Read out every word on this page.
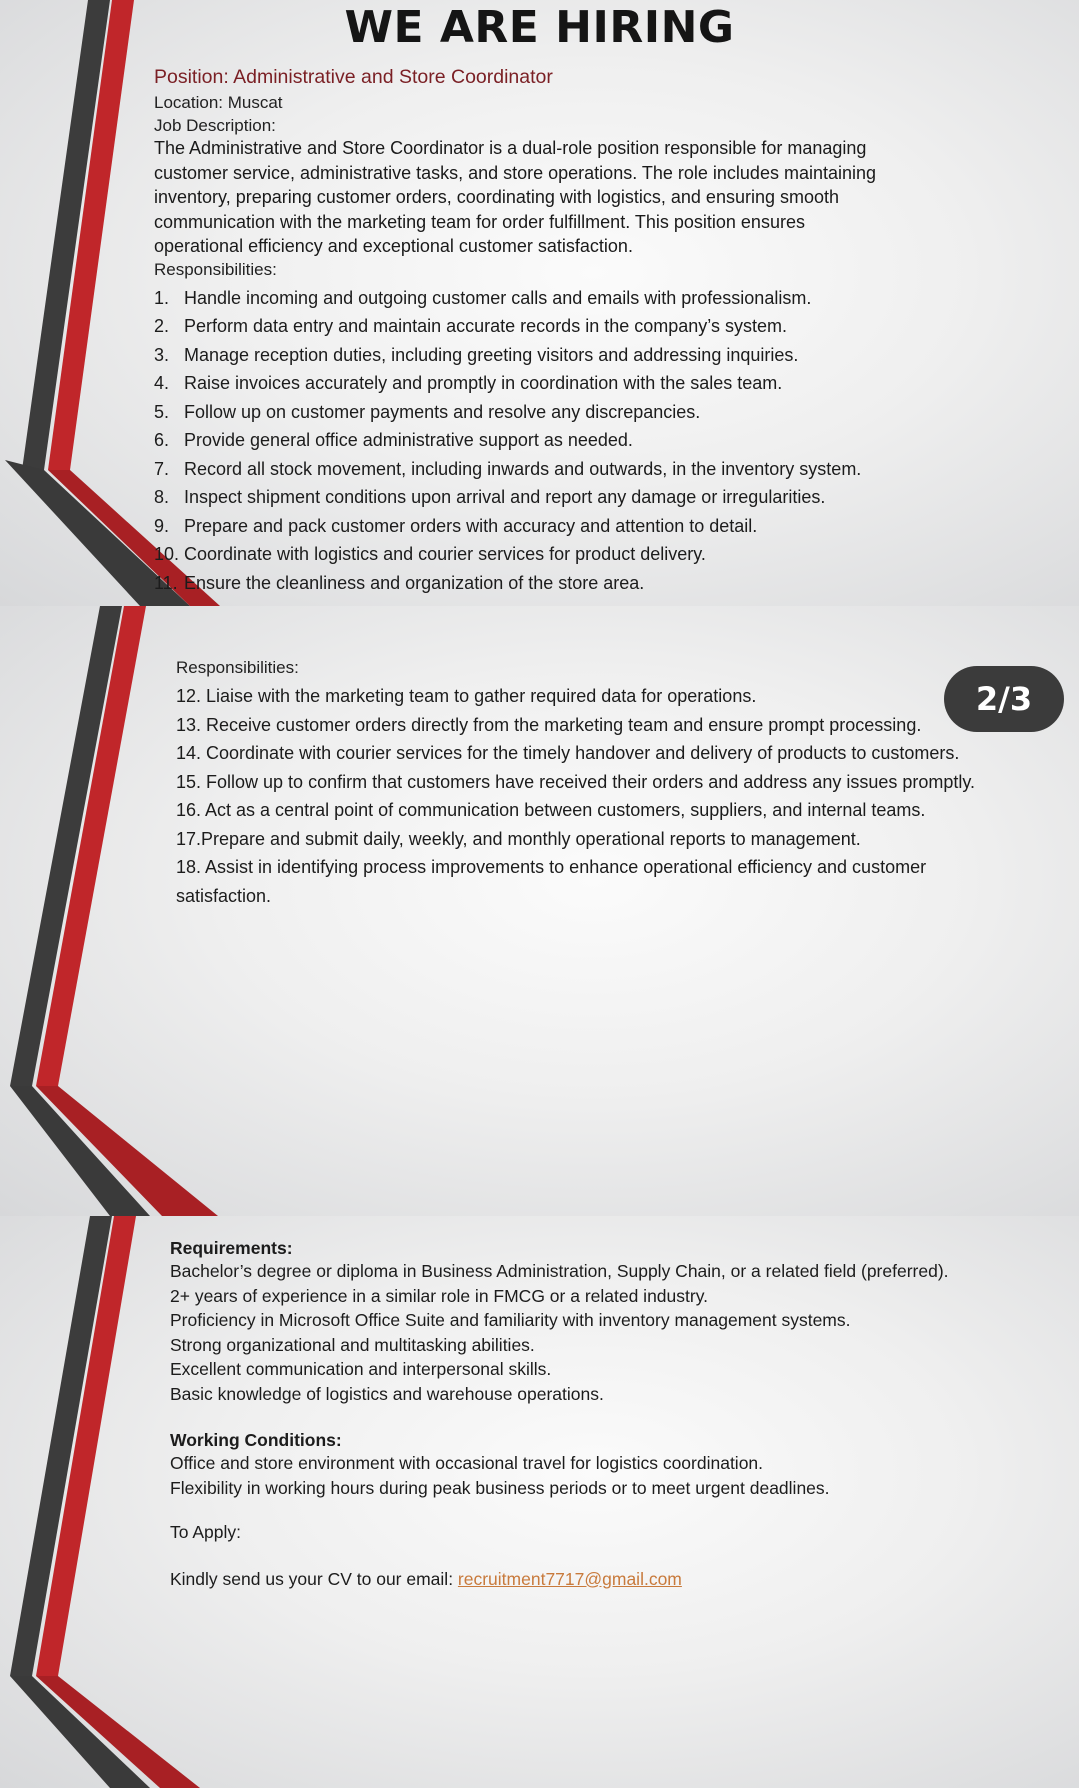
WE ARE HIRING
Position: Administrative and Store Coordinator
Location: Muscat
Job Description:
The Administrative and Store Coordinator is a dual-role position responsible for managing
customer service, administrative tasks, and store operations. The role includes maintaining
inventory, preparing customer orders, coordinating with logistics, and ensuring smooth
communication with the marketing team for order fulfillment. This position ensures
operational efficiency and exceptional customer satisfaction.
Responsibilities:
1. Handle incoming and outgoing customer calls and emails with professionalism.
2. Perform data entry and maintain accurate records in the company’s system.
3. Manage reception duties, including greeting visitors and addressing inquiries.
4. Raise invoices accurately and promptly in coordination with the sales team.
5. Follow up on customer payments and resolve any discrepancies.
6. Provide general office administrative support as needed.
7. Record all stock movement, including inwards and outwards, in the inventory system.
8. Inspect shipment conditions upon arrival and report any damage or irregularities.
9. Prepare and pack customer orders with accuracy and attention to detail.
10. Coordinate with logistics and courier services for product delivery.
11. Ensure the cleanliness and organization of the store area.
Responsibilities:
12. Liaise with the marketing team to gather required data for operations.
13. Receive customer orders directly from the marketing team and ensure prompt processing.
14. Coordinate with courier services for the timely handover and delivery of products to customers.
15. Follow up to confirm that customers have received their orders and address any issues promptly.
16. Act as a central point of communication between customers, suppliers, and internal teams.
17.Prepare and submit daily, weekly, and monthly operational reports to management.
18. Assist in identifying process improvements to enhance operational efficiency and customer satisfaction.
2/3
Requirements:
Bachelor’s degree or diploma in Business Administration, Supply Chain, or a related field (preferred).
2+ years of experience in a similar role in FMCG or a related industry.
Proficiency in Microsoft Office Suite and familiarity with inventory management systems.
Strong organizational and multitasking abilities.
Excellent communication and interpersonal skills.
Basic knowledge of logistics and warehouse operations.
Working Conditions:
Office and store environment with occasional travel for logistics coordination.
Flexibility in working hours during peak business periods or to meet urgent deadlines.
To Apply:
Kindly send us your CV to our email: recruitment7717@gmail.com
